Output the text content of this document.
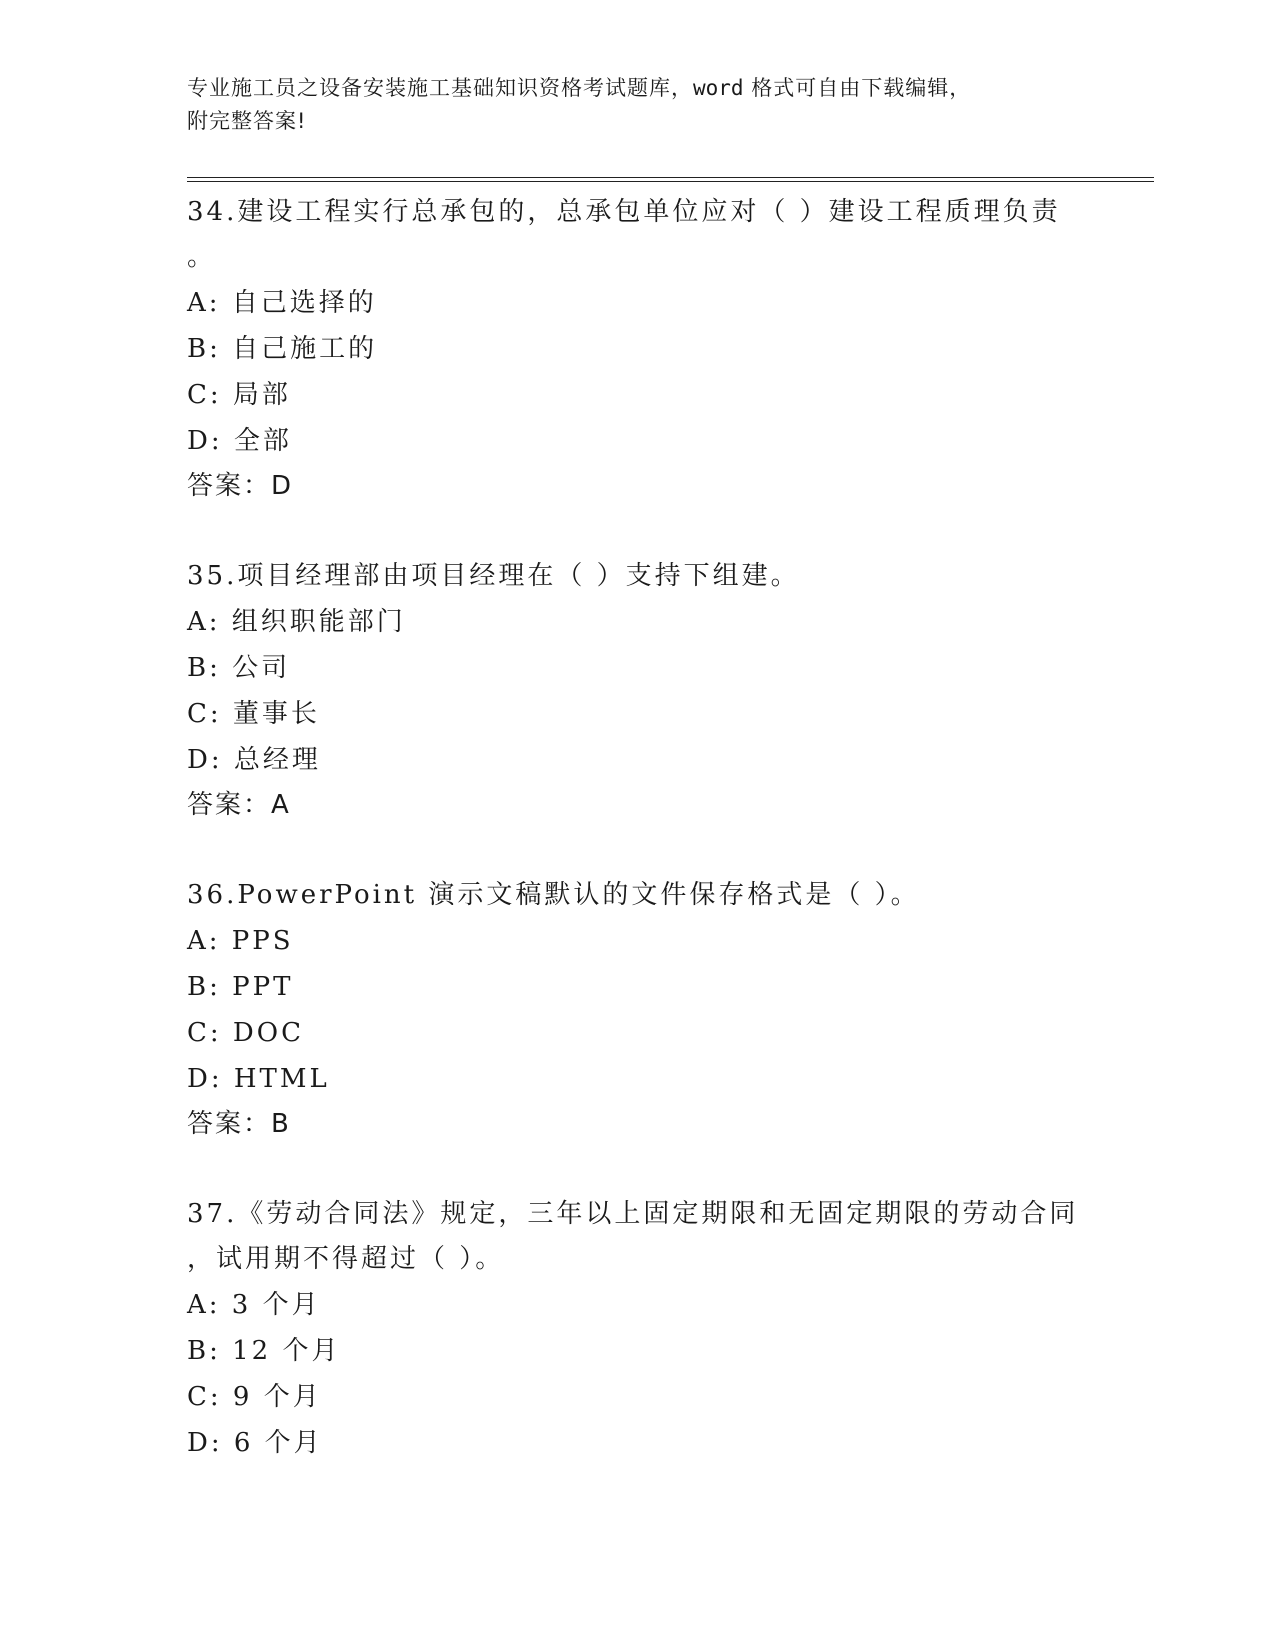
专业施工员之设备安装施工基础知识资格考试题库，word 格式可自由下载编辑，
附完整答案!

34.建设工程实行总承包的，总承包单位应对（ ）建设工程质理负责
。

A: 自己选择的

B: 自己施工的

C: 局部

D: 全部

答案：D

35.项目经理部由项目经理在（ ）支持下组建。

A: 组织职能部门

B: 公司

C: 董事长

D: 总经理

答案：A

36.PowerPoint 演示文稿默认的文件保存格式是（ ）。

A: PPS

B: PPT

C: DOC

D: HTML

答案：B

37.《劳动合同法》规定，三年以上固定期限和无固定期限的劳动合同
，试用期不得超过（ ）。

A: 3 个月

B: 12 个月

C: 9 个月

D: 6 个月
